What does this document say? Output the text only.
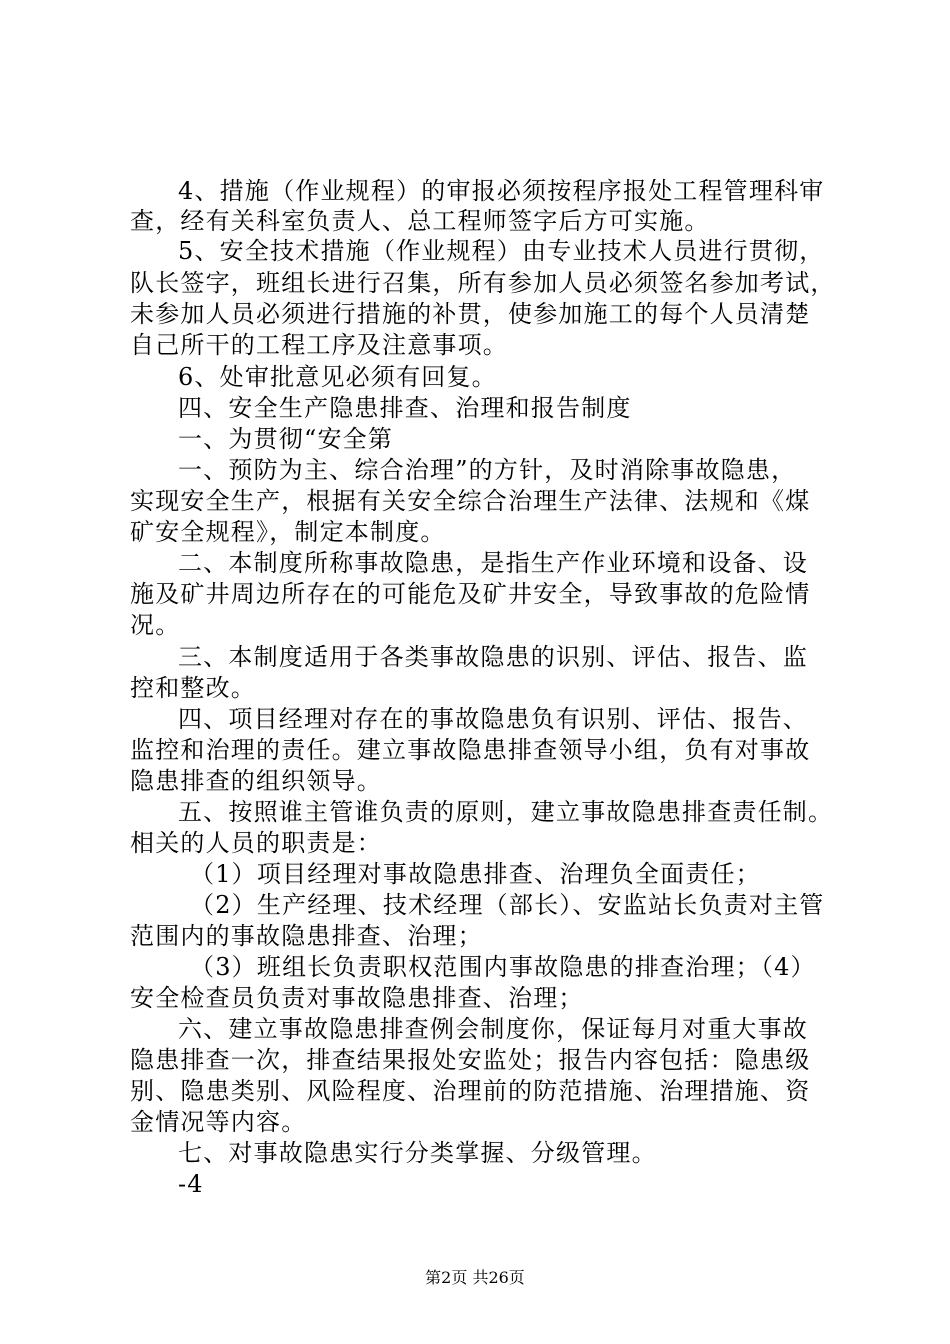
4、措施（作业规程）的审报必须按程序报处工程管理科审
查，经有关科室负责人、总工程师签字后方可实施。
5、安全技术措施（作业规程）由专业技术人员进行贯彻，
队长签字，班组长进行召集，所有参加人员必须签名参加考试，
未参加人员必须进行措施的补贯，使参加施工的每个人员清楚
自己所干的工程工序及注意事项。
6、处审批意见必须有回复。
四、安全生产隐患排查、治理和报告制度
一、为贯彻“安全第
一、预防为主、综合治理”的方针，及时消除事故隐患，
实现安全生产，根据有关安全综合治理生产法律、法规和《煤
矿安全规程》，制定本制度。
二、本制度所称事故隐患，是指生产作业环境和设备、设
施及矿井周边所存在的可能危及矿井安全，导致事故的危险情
况。
三、本制度适用于各类事故隐患的识别、评估、报告、监
控和整改。
四、项目经理对存在的事故隐患负有识别、评估、报告、
监控和治理的责任。建立事故隐患排查领导小组，负有对事故
隐患排查的组织领导。
五、按照谁主管谁负责的原则，建立事故隐患排查责任制。
相关的人员的职责是：
（1）项目经理对事故隐患排查、治理负全面责任；
（2）生产经理、技术经理（部长）、安监站长负责对主管
范围内的事故隐患排查、治理；
（3）班组长负责职权范围内事故隐患的排查治理；（4）
安全检查员负责对事故隐患排查、治理；
六、建立事故隐患排查例会制度你，保证每月对重大事故
隐患排查一次，排查结果报处安监处；报告内容包括：隐患级
别、隐患类别、风险程度、治理前的防范措施、治理措施、资
金情况等内容。
七、对事故隐患实行分类掌握、分级管理。
-4
第2页 共26页
